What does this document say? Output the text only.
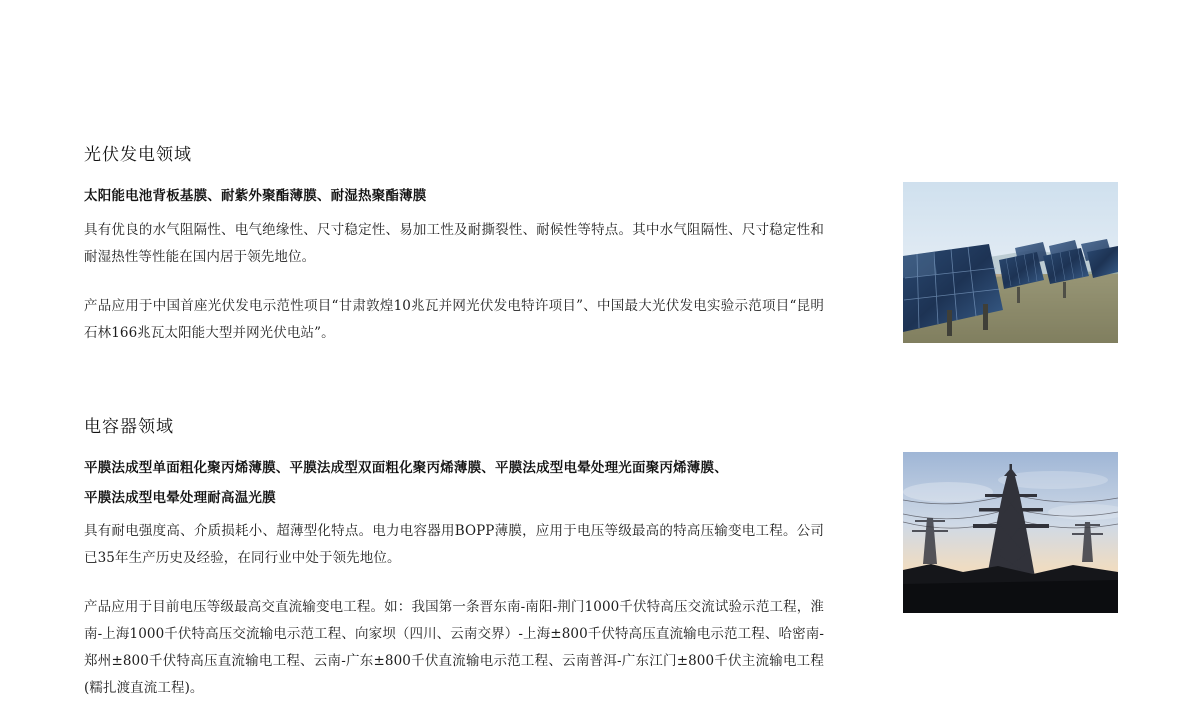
光伏发电领域

太阳能电池背板基膜、耐紫外聚酯薄膜、耐湿热聚酯薄膜

具有优良的水气阻隔性、电气绝缘性、尺寸稳定性、易加工性及耐撕裂性、耐候性等特点。其中水气阻隔性、尺寸稳定性和耐湿热性等性能在国内居于领先地位。

产品应用于中国首座光伏发电示范性项目“甘肃敦煌10兆瓦并网光伏发电特许项目”、中国最大光伏发电实验示范项目“昆明石林166兆瓦太阳能大型并网光伏电站”。

电容器领域

平膜法成型单面粗化聚丙烯薄膜、平膜法成型双面粗化聚丙烯薄膜、平膜法成型电晕处理光面聚丙烯薄膜、

平膜法成型电晕处理耐高温光膜

具有耐电强度高、介质损耗小、超薄型化特点。电力电容器用BOPP薄膜，应用于电压等级最高的特高压输变电工程。公司已35年生产历史及经验，在同行业中处于领先地位。

产品应用于目前电压等级最高交直流输变电工程。如：我国第一条晋东南-南阳-荆门1000千伏特高压交流试验示范工程，淮南-上海1000千伏特高压交流输电示范工程、向家坝（四川、云南交界）-上海±800千伏特高压直流输电示范工程、哈密南-郑州±800千伏特高压直流输电工程、云南-广东±800千伏直流输电示范工程、云南普洱-广东江门±800千伏主流输电工程(糯扎渡直流工程)。
